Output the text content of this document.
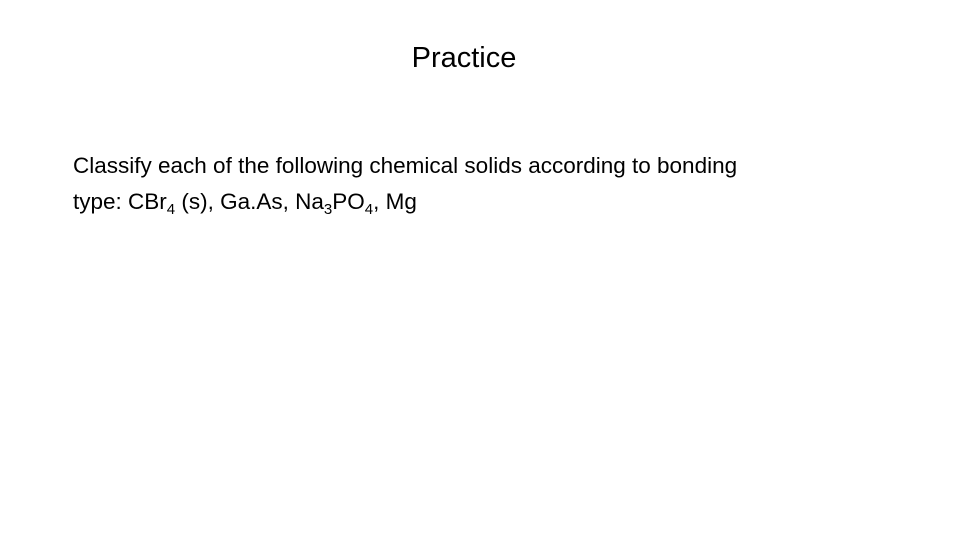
Practice
Classify each of the following chemical solids according to bonding
type: CBr$_4$ (s), Ga.As, $Na_3PO_4$, Mg
